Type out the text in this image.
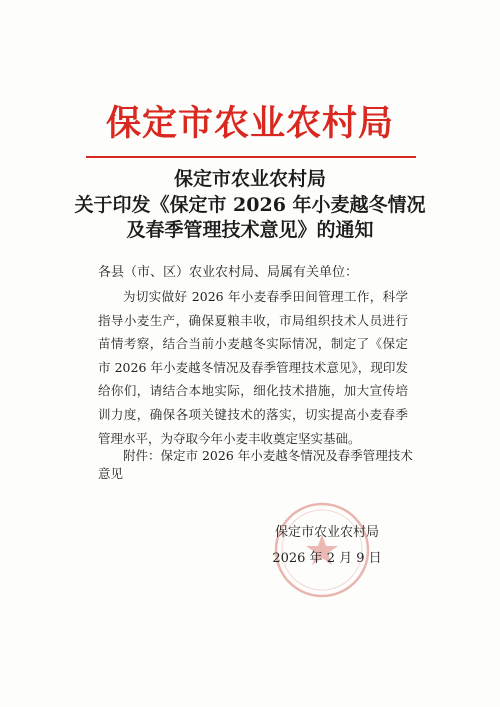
保定市农业农村局
保定市农业农村局
关于印发《保定市 2026 年小麦越冬情况
及春季管理技术意见》的通知
各县（市、区）农业农村局、局属有关单位：
为切实做好 2026 年小麦春季田间管理工作，科学指导小麦生产，确保夏粮丰收，市局组织技术人员进行苗情考察，结合当前小麦越冬实际情况，制定了《保定市 2026 年小麦越冬情况及春季管理技术意见》，现印发给你们，请结合本地实际，细化技术措施，加大宣传培训力度，确保各项关键技术的落实，切实提高小麦春季管理水平，为夺取今年小麦丰收奠定坚实基础。
附件：保定市 2026 年小麦越冬情况及春季管理技术意见
保定市农业农村局
2026 年 2 月 9 日
